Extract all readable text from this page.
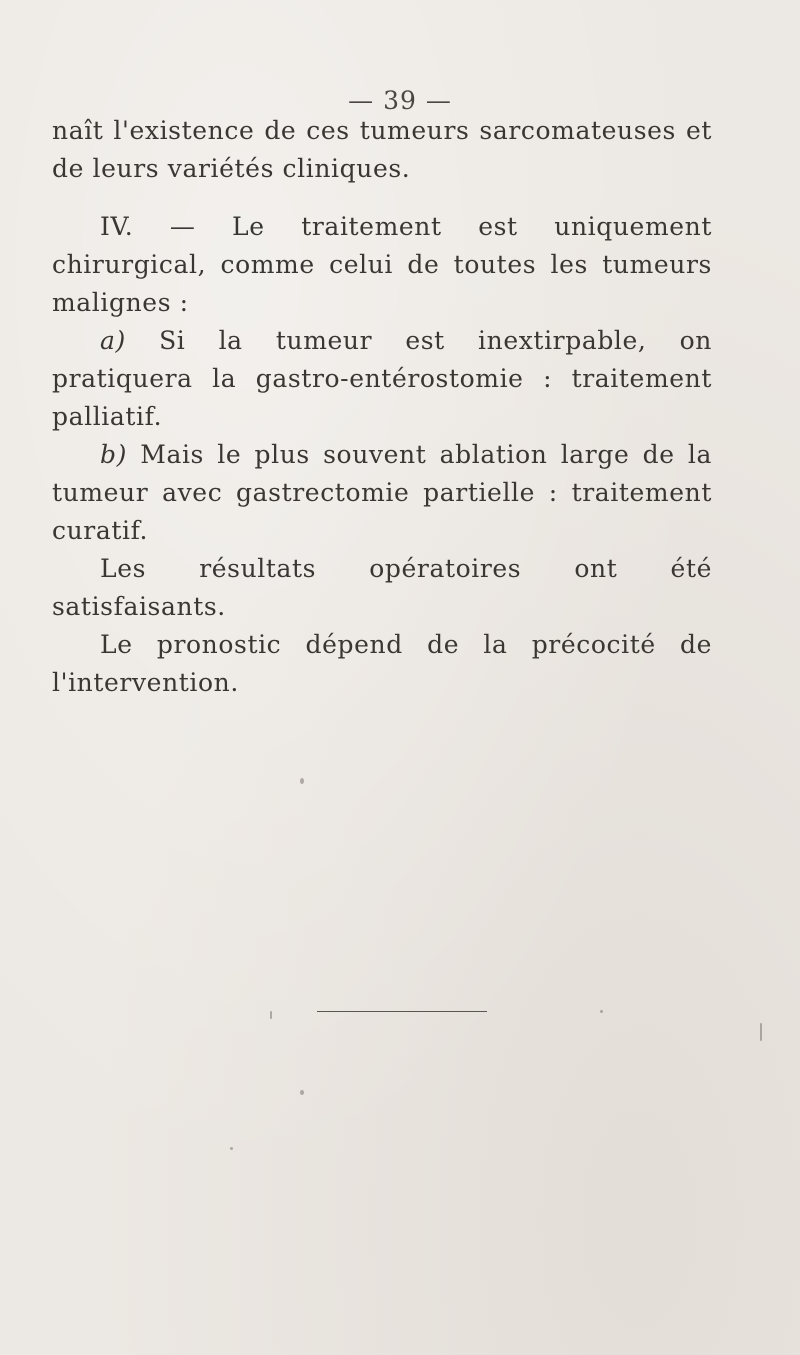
— 39 —

naît l'existence de ces tumeurs sarcomateuses et de leurs variétés cliniques.

IV. — Le traitement est uniquement chirurgical, comme celui de toutes les tumeurs malignes :

a) Si la tumeur est inextirpable, on pratiquera la gastro-entérostomie : traitement palliatif.

b) Mais le plus souvent ablation large de la tumeur avec gastrectomie partielle : traitement curatif.

Les résultats opératoires ont été satisfaisants.

Le pronostic dépend de la précocité de l'intervention.
